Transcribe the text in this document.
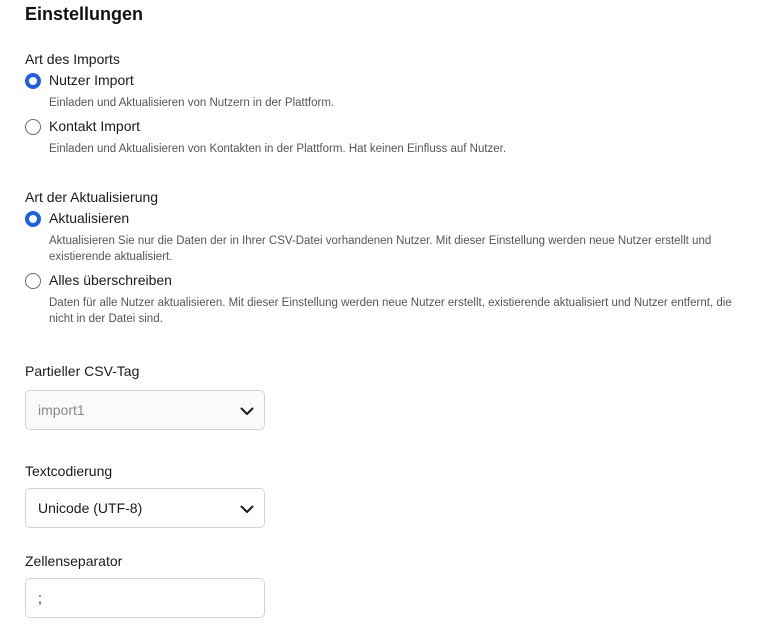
Einstellungen
Art des Imports
Nutzer Import
Einladen und Aktualisieren von Nutzern in der Plattform.
Kontakt Import
Einladen und Aktualisieren von Kontakten in der Plattform. Hat keinen Einfluss auf Nutzer.
Art der Aktualisierung
Aktualisieren
Aktualisieren Sie nur die Daten der in Ihrer CSV-Datei vorhandenen Nutzer. Mit dieser Einstellung werden neue Nutzer erstellt und existierende aktualisiert.
Alles überschreiben
Daten für alle Nutzer aktualisieren. Mit dieser Einstellung werden neue Nutzer erstellt, existierende aktualisiert und Nutzer entfernt, die nicht in der Datei sind.
Partieller CSV-Tag
import1
Textcodierung
Unicode (UTF-8)
Zellenseparator
;
